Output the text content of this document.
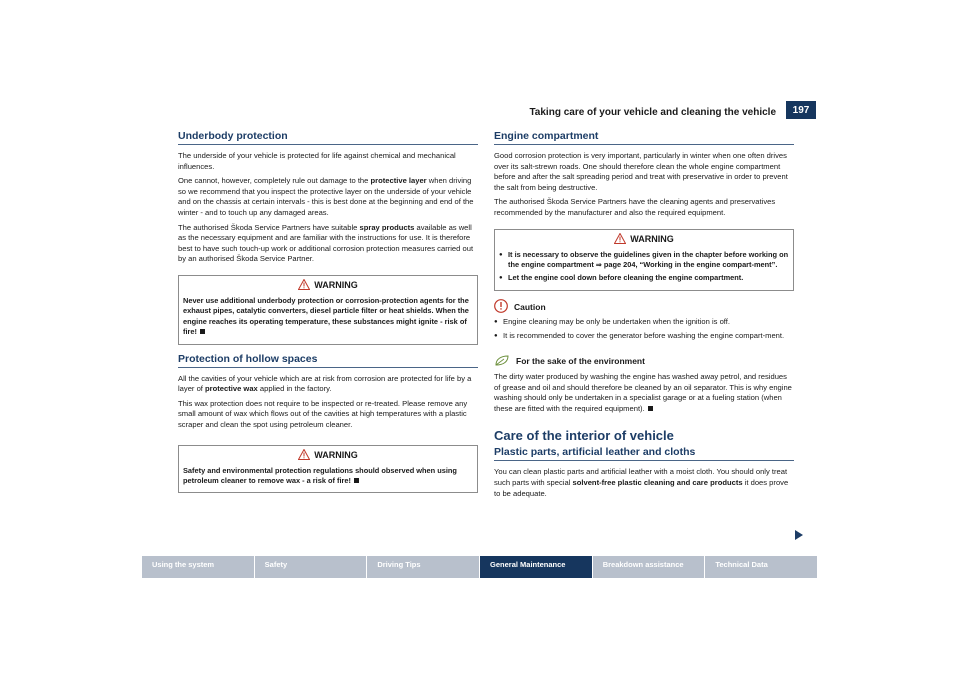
Taking care of your vehicle and cleaning the vehicle	197
Underbody protection

The underside of your vehicle is protected for life against chemical and mechanical influences.

One cannot, however, completely rule out damage to the protective layer when driving so we recommend that you inspect the protective layer on the underside of your vehicle and on the chassis at certain intervals - this is best done at the beginning and end of the winter - and to touch up any damaged areas.

The authorised Škoda Service Partners have suitable spray products available as well as the necessary equipment and are familiar with the instructions for use. It is therefore best to have such touch-up work or additional corrosion protection measures carried out by an authorised Škoda Service Partner.

WARNING

Never use additional underbody protection or corrosion-protection agents for the exhaust pipes, catalytic converters, diesel particle filter or heat shields. When the engine reaches its operating temperature, these substances might ignite - risk of fire!

Protection of hollow spaces

All the cavities of your vehicle which are at risk from corrosion are protected for life by a layer of protective wax applied in the factory.

This wax protection does not require to be inspected or re-treated. Please remove any small amount of wax which flows out of the cavities at high temperatures with a plastic scraper and clean the spot using petroleum cleaner.

WARNING

Safety and environmental protection regulations should observed when using petroleum cleaner to remove wax - a risk of fire!

Engine compartment

Good corrosion protection is very important, particularly in winter when one often drives over its salt-strewn roads. One should therefore clean the whole engine compartment before and after the salt spreading period and treat with preservative in order to prevent the salt from being destructive.

The authorised Škoda Service Partners have the cleaning agents and preservatives recommended by the manufacturer and also the required equipment.

WARNING

● It is necessary to observe the guidelines given in the chapter before working on the engine compartment ⇒ page 204, “Working in the engine compart-ment”.

● Let the engine cool down before cleaning the engine compartment.

Caution

● Engine cleaning may be only be undertaken when the ignition is off.

● It is recommended to cover the generator before washing the engine compart-ment.

For the sake of the environment

The dirty water produced by washing the engine has washed away petrol, and residues of grease and oil and should therefore be cleaned by an oil separator. This is why engine washing should only be undertaken in a specialist garage or at a fueling station (when these are fitted with the required equipment).

Care of the interior of vehicle
Plastic parts, artificial leather and cloths

You can clean plastic parts and artificial leather with a moist cloth. You should only treat such parts with special solvent-free plastic cleaning and care products it does prove to be adequate.

Using the system	Safety	Driving Tips	General Maintenance	Breakdown assistance	Technical Data
